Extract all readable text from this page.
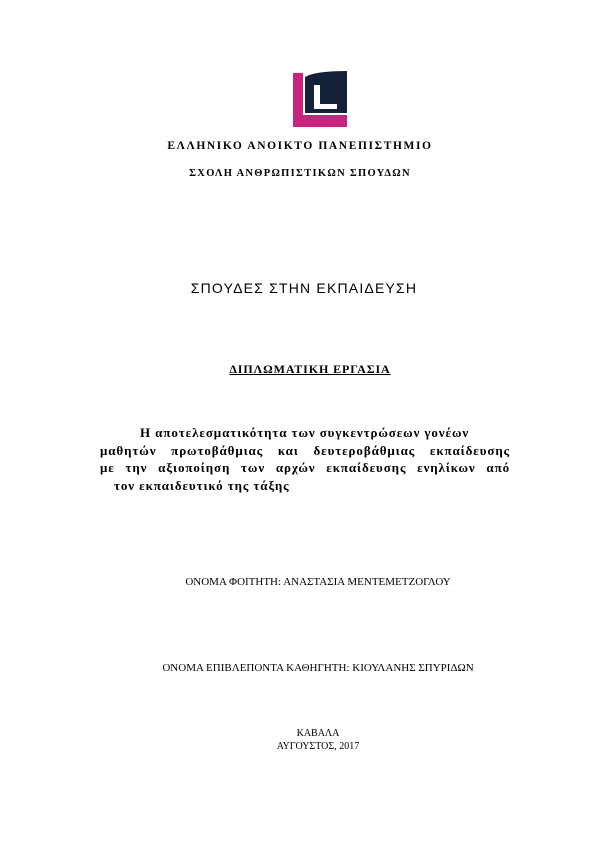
ΕΛΛΗΝΙΚΟ ΑΝΟΙΚΤΟ ΠΑΝΕΠΙΣΤΗΜΙΟ
ΣΧΟΛΗ ΑΝΘΡΩΠΙΣΤΙΚΩΝ ΣΠΟΥΔΩΝ
ΣΠΟΥΔΕΣ ΣΤΗΝ ΕΚΠΑΙΔΕΥΣΗ
ΔΙΠΛΩΜΑΤΙΚΗ ΕΡΓΑΣΙΑ
Η αποτελεσματικότητα των συγκεντρώσεων γονέων
μαθητών πρωτοβάθμιας και δευτεροβάθμιας εκπαίδευσης
με την αξιοποίηση των αρχών εκπαίδευσης ενηλίκων από
τον εκπαιδευτικό της τάξης
ΟΝΟΜΑ ΦΟΙΤΗΤΗ: ΑΝΑΣΤΑΣΙΑ ΜΕΝΤΕΜΕΤΖΟΓΛΟΥ
ΟΝΟΜΑ ΕΠΙΒΛΕΠΟΝΤΑ ΚΑΘΗΓΗΤΗ: ΚΙΟΥΛΑΝΗΣ ΣΠΥΡΙΔΩΝ
ΚΑΒΑΛΑ
ΑΥΓΟΥΣΤΟΣ, 2017
